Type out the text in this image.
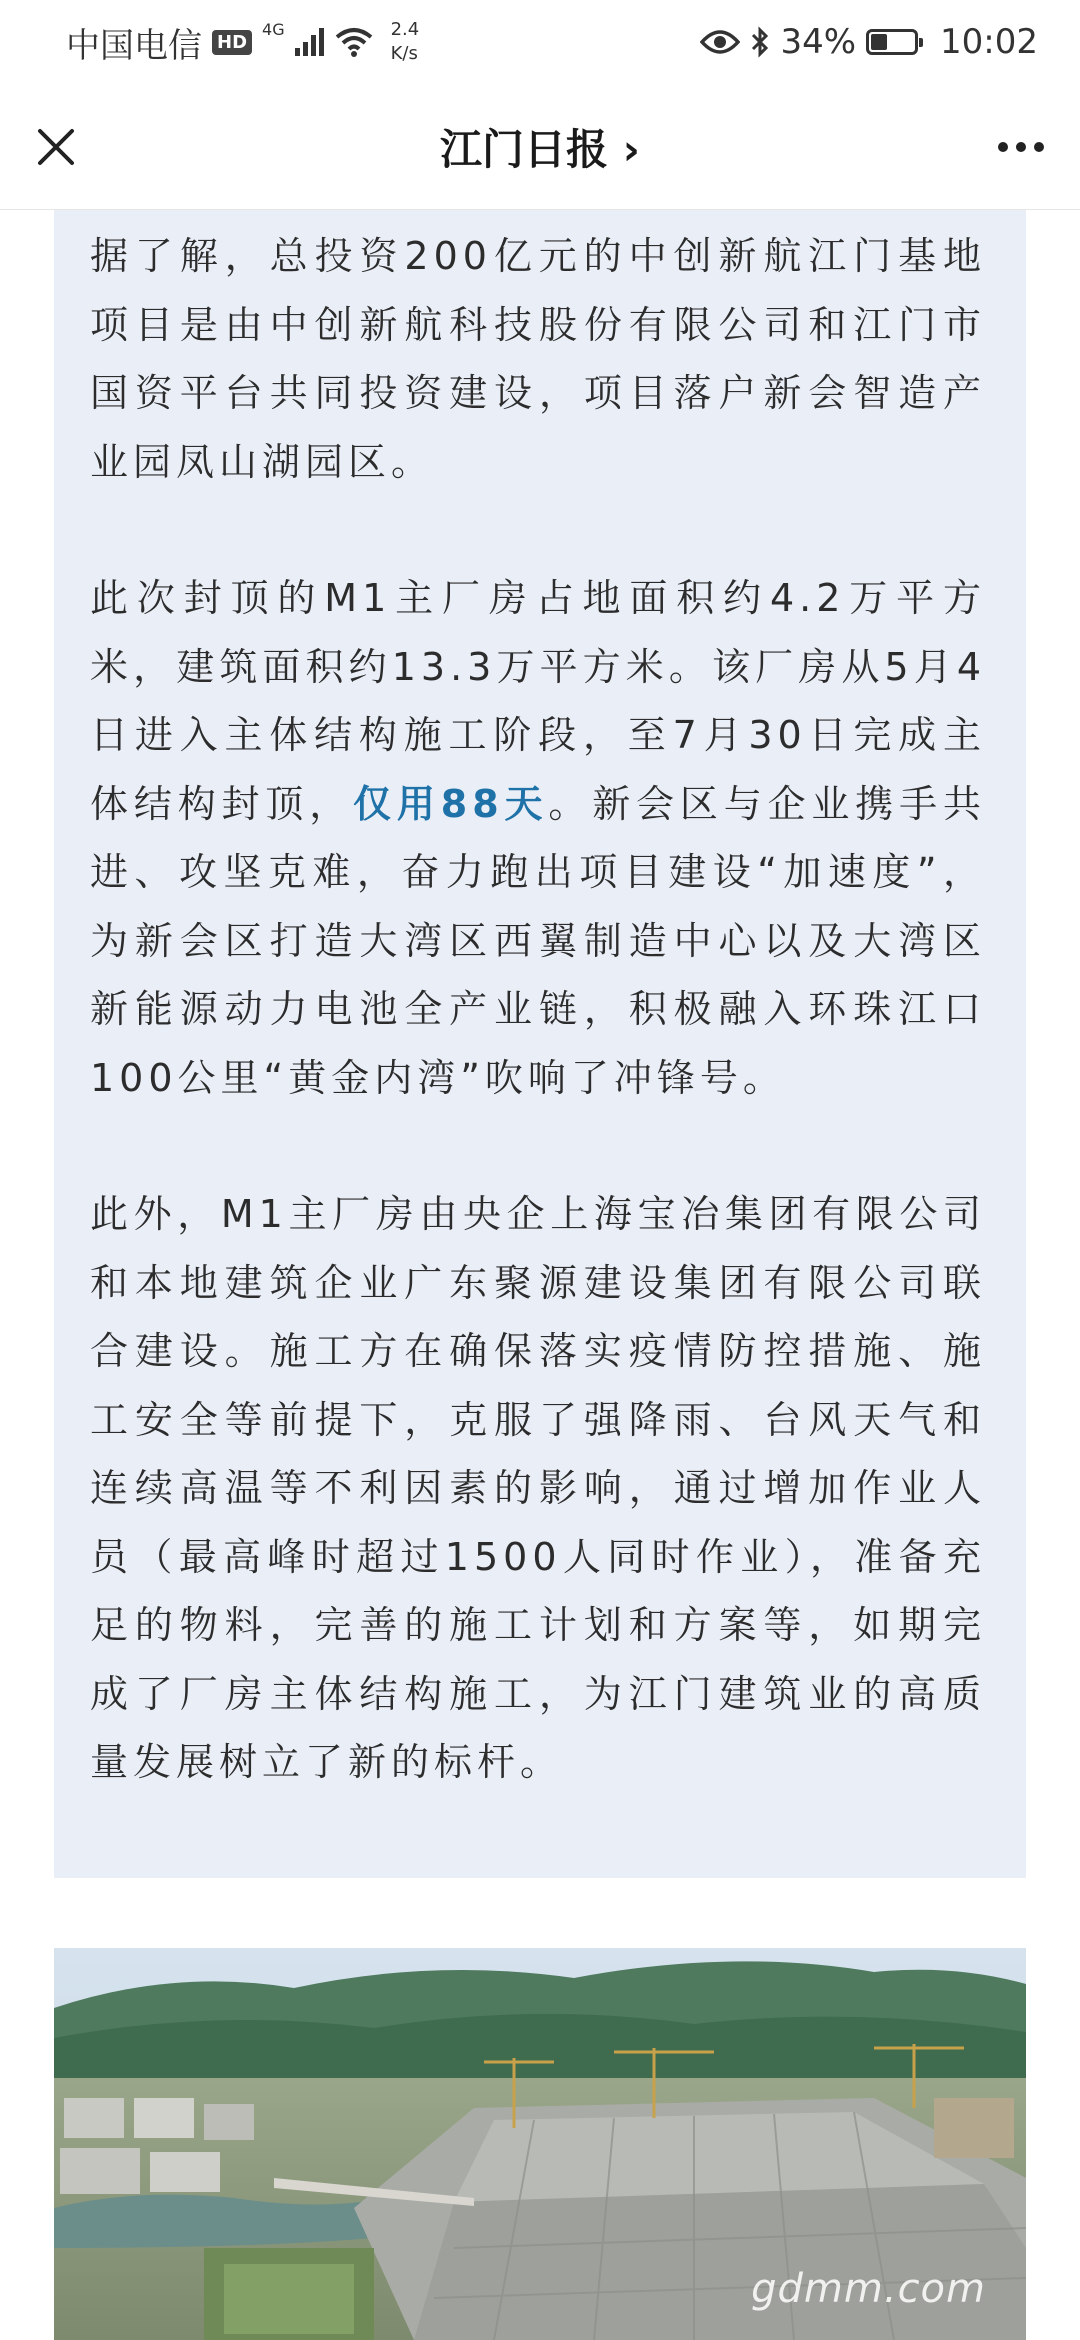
中国电信 HD
4G	2.4
K/s	34% 10:02
江门日报 ›

据了解，总投资200亿元的中创新航江门基地项目是由中创新航科技股份有限公司和江门市国资平台共同投资建设，项目落户新会智造产业园凤山湖园区。

此次封顶的M1主厂房占地面积约4.2万平方米，建筑面积约13.3万平方米。该厂房从5月4日进入主体结构施工阶段，至7月30日完成主体结构封顶，仅用88天。新会区与企业携手共进、攻坚克难，奋力跑出项目建设“加速度”，为新会区打造大湾区西翼制造中心以及大湾区新能源动力电池全产业链，积极融入环珠江口100公里“黄金内湾”吹响了冲锋号。

此外，M1主厂房由央企上海宝冶集团有限公司和本地建筑企业广东聚源建设集团有限公司联合建设。施工方在确保落实疫情防控措施、施工安全等前提下，克服了强降雨、台风天气和连续高温等不利因素的影响，通过增加作业人员（最高峰时超过1500人同时作业），准备充足的物料，完善的施工计划和方案等，如期完成了厂房主体结构施工，为江门建筑业的高质量发展树立了新的标杆。

gdmm.com
